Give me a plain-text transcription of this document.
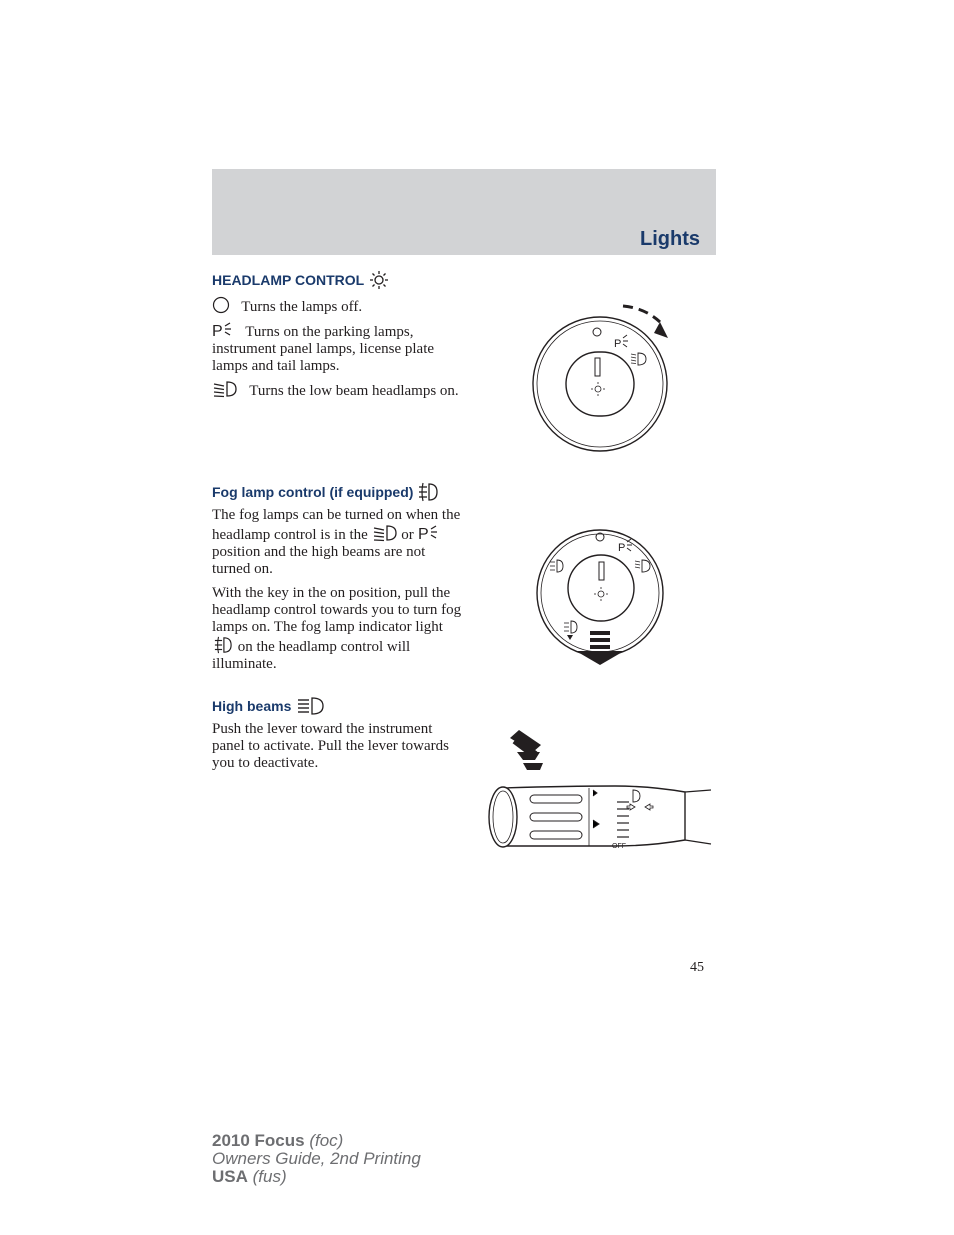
Lights
HEADLAMP CONTROL
Turns the lamps off.
P Turns on the parking lamps, instrument panel lamps, license plate lamps and tail lamps.
Turns the low beam headlamps on.
P
Fog lamp control (if equipped)
The fog lamps can be turned on when the headlamp control is in the or P
position and the high beams are not turned on.
With the key in the on position, pull the headlamp control towards you to turn fog lamps on. The fog lamp indicator light  on the headlamp control will illuminate.
P
High beams
Push the lever toward the instrument panel to activate. Pull the lever towards you to deactivate.
OFF
45
2010 Focus (foc)
Owners Guide, 2nd Printing
USA (fus)
